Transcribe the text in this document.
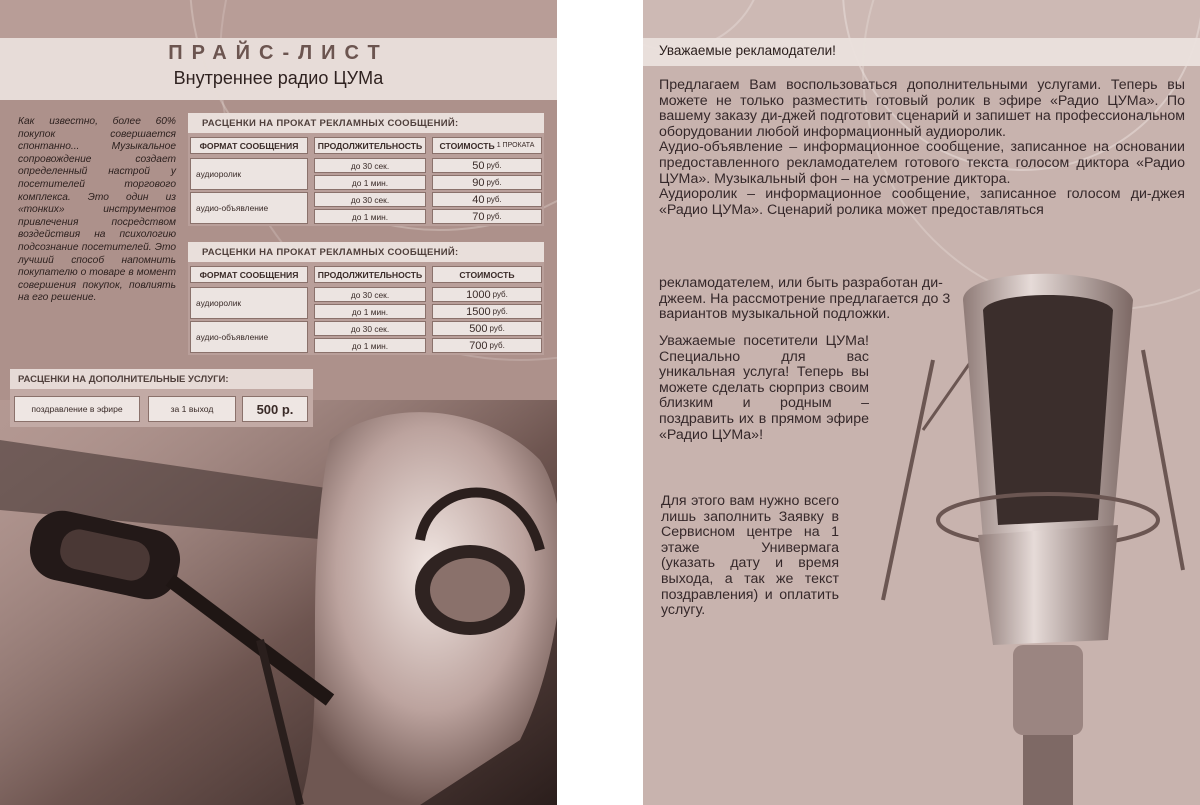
ПРАЙС-ЛИСТ
Внутреннее радио ЦУМа
Как известно, более 60% покупок совершается спонтанно... Музыкальное сопровождение создает определенный настрой у посетителей торгового комплекса. Это один из «тонких» инструментов привлечения посредством воздействия на психологию подсознание посетителей. Это лучший способ напомнить покупателю о товаре в момент совершения покупок, повлиять на его решение.
РАСЦЕНКИ НА ПРОКАТ РЕКЛАМНЫХ СООБЩЕНИЙ:
ФОРМАТ СООБЩЕНИЯ	ПРОДОЛЖИТЕЛЬНОСТЬ	СТОИМОСТЬ 1 ПРОКАТА
аудиоролик
до 30 сек.	50 руб.
до 1 мин.	90 руб.
аудио-объявление
до 30 сек.	40 руб.
до 1 мин.	70 руб.
РАСЦЕНКИ НА ПРОКАТ РЕКЛАМНЫХ СООБЩЕНИЙ:
ФОРМАТ СООБЩЕНИЯ	ПРОДОЛЖИТЕЛЬНОСТЬ	СТОИМОСТЬ
аудиоролик
до 30 сек.	1000 руб.
до 1 мин.	1500 руб.
аудио-объявление
до 30 сек.	500 руб.
до 1 мин.	700 руб.
РАСЦЕНКИ НА ДОПОЛНИТЕЛЬНЫЕ УСЛУГИ:
поздравление в эфире	за 1 выход	500 р.
Уважаемые рекламодатели!

Предлагаем Вам воспользоваться дополнительными услугами. Теперь вы можете не только разместить готовый ролик в эфире «Радио ЦУМа». По вашему заказу ди-джей подготовит сценарий и запишет на профессиональном оборудовании любой информационный аудиоролик.

Аудио-объявление – информационное сообщение, записанное на основании предоставленного рекламодателем готового текста голосом диктора «Радио ЦУМа». Музыкальный фон – на усмотрение диктора.

Аудиоролик – информационное сообщение, записанное голосом ди-джея «Радио ЦУМа». Сценарий ролика может предоставляться

рекламодателем, или быть разработан ди-джеем. На рассмотрение предлагается до 3 вариантов музыкальной подложки.

Уважаемые посетители ЦУМа! Специально для вас уникальная услуга! Теперь вы можете сделать сюрприз своим близким и родным – поздравить их в прямом эфире «Радио ЦУМа»!

Для этого вам нужно всего лишь заполнить Заявку в Сервисном центре на 1 этаже Универмага (указать дату и время выхода, а так же текст поздравления) и оплатить услугу.
